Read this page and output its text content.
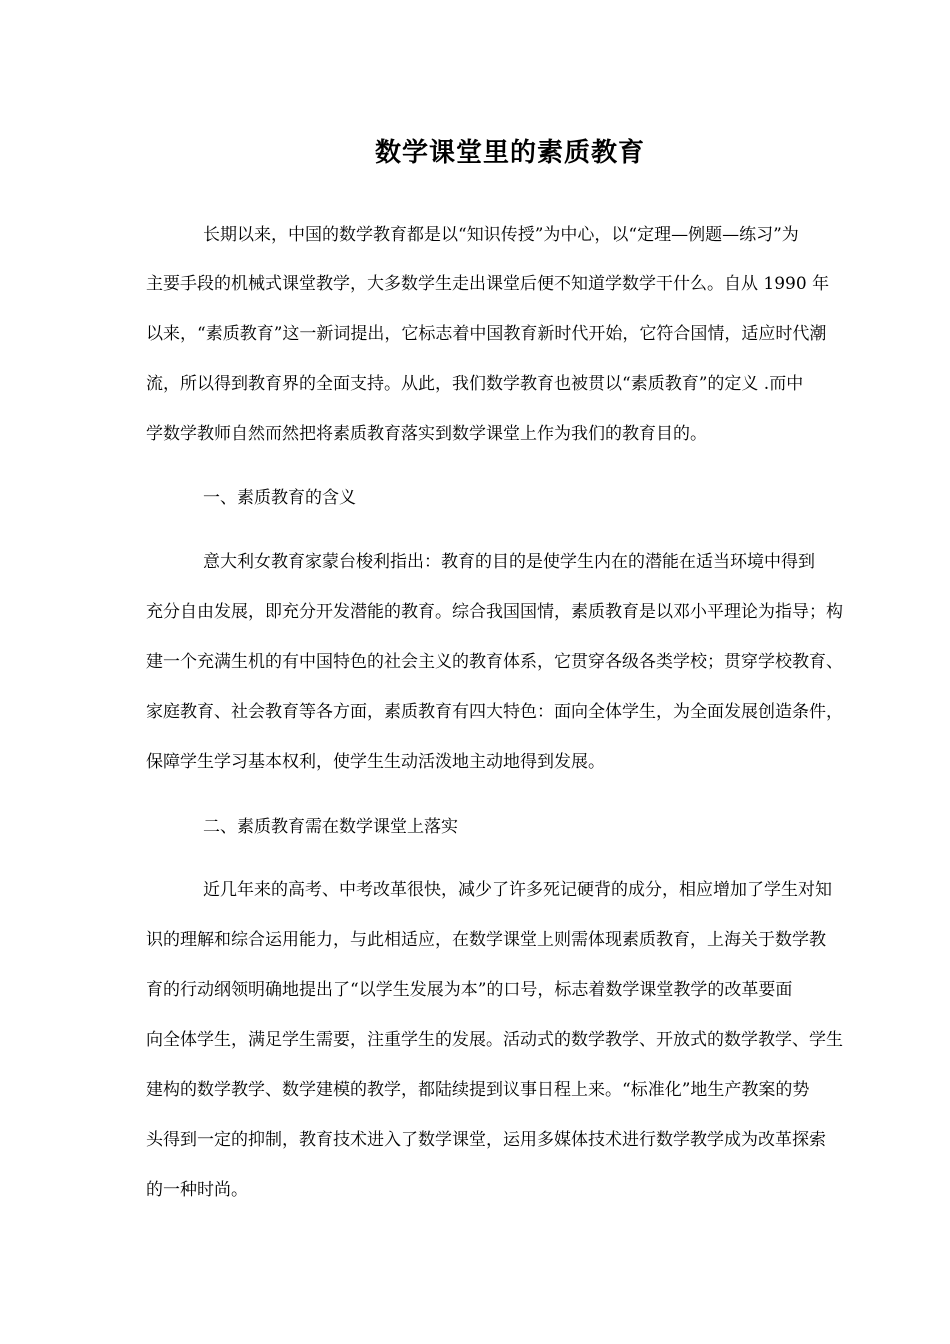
数学课堂里的素质教育
长期以来，中国的数学教育都是以“知识传授”为中心，以“定理—例题—练习”为
主要手段的机械式课堂教学，大多数学生走出课堂后便不知道学数学干什么。自从 1990 年
以来，“素质教育”这一新词提出，它标志着中国教育新时代开始，它符合国情，适应时代潮
流，所以得到教育界的全面支持。从此，我们数学教育也被贯以“素质教育”的定义 .而中
学数学教师自然而然把将素质教育落实到数学课堂上作为我们的教育目的。
一、素质教育的含义
意大利女教育家蒙台梭利指出：教育的目的是使学生内在的潜能在适当环境中得到
充分自由发展，即充分开发潜能的教育。综合我国国情，素质教育是以邓小平理论为指导；构
建一个充满生机的有中国特色的社会主义的教育体系，它贯穿各级各类学校；贯穿学校教育、
家庭教育、社会教育等各方面，素质教育有四大特色：面向全体学生，为全面发展创造条件，
保障学生学习基本权利，使学生生动活泼地主动地得到发展。
二、素质教育需在数学课堂上落实
近几年来的高考、中考改革很快，减少了许多死记硬背的成分，相应增加了学生对知
识的理解和综合运用能力，与此相适应，在数学课堂上则需体现素质教育，上海关于数学教
育的行动纲领明确地提出了“以学生发展为本”的口号，标志着数学课堂教学的改革要面
向全体学生，满足学生需要，注重学生的发展。活动式的数学教学、开放式的数学教学、学生
建构的数学教学、数学建模的教学，都陆续提到议事日程上来。“标准化”地生产教案的势
头得到一定的抑制，教育技术进入了数学课堂，运用多媒体技术进行数学教学成为改革探索
的一种时尚。
